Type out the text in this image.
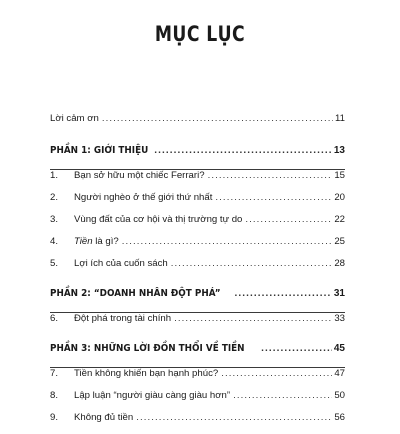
MỤC LỤC
Lời cảm ơn .....	11
PHẦN 1: GIỚI THIỆU .....	13
1.	Bạn sở hữu một chiếc Ferrari? .....	15
2.	Người nghèo ở thế giới thứ nhất .....	20
3.	Vùng đất của cơ hội và thị trường tự do .....	22
4.	Tiền là gì? .....	25
5.	Lợi ích của cuốn sách .....	28
PHẦN 2: “DOANH NHÂN ĐỘT PHÁ” .....	31
6.	Đột phá trong tài chính .....	33
PHẦN 3: NHỮNG LỜI ĐỒN THỔI VỀ TIỀN .....	45
7.	Tiền không khiến bạn hạnh phúc? .....	47
8.	Lập luận “người giàu càng giàu hơn” .....	50
9.	Không đủ tiền .....	56
